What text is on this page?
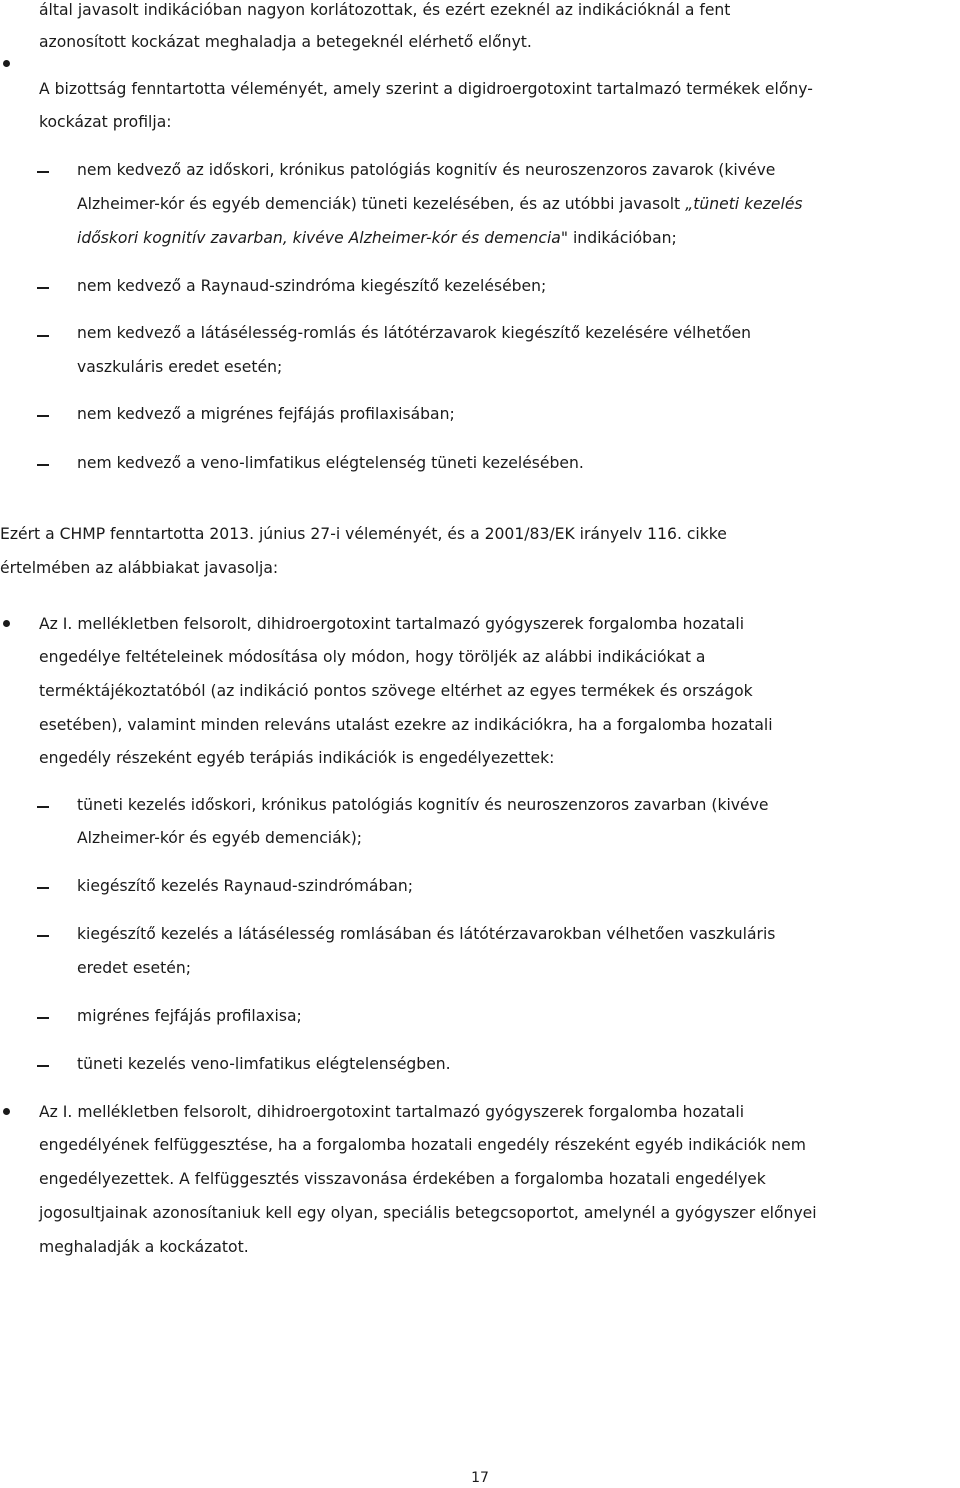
által javasolt indikációban nagyon korlátozottak, és ezért ezeknél az indikációknál a fent
azonosított kockázat meghaladja a betegeknél elérhető előnyt.
A bizottság fenntartotta véleményét, amely szerint a digidroergotoxint tartalmazó termékek előny-
kockázat profilja:
nem kedvező az időskori, krónikus patológiás kognitív és neuroszenzoros zavarok (kivéve
Alzheimer-kór és egyéb demenciák) tüneti kezelésében, és az utóbbi javasolt „tüneti kezelés
időskori kognitív zavarban, kivéve Alzheimer-kór és demencia" indikációban;
nem kedvező a Raynaud-szindróma kiegészítő kezelésében;
nem kedvező a látásélesség-romlás és látótérzavarok kiegészítő kezelésére vélhetően
vaszkuláris eredet esetén;
nem kedvező a migrénes fejfájás profilaxisában;
nem kedvező a veno-limfatikus elégtelenség tüneti kezelésében.
Ezért a CHMP fenntartotta 2013. június 27-i véleményét, és a 2001/83/EK irányelv 116. cikke
értelmében az alábbiakat javasolja:
Az I. mellékletben felsorolt, dihidroergotoxint tartalmazó gyógyszerek forgalomba hozatali
engedélye feltételeinek módosítása oly módon, hogy töröljék az alábbi indikációkat a
terméktájékoztatóból (az indikáció pontos szövege eltérhet az egyes termékek és országok
esetében), valamint minden releváns utalást ezekre az indikációkra, ha a forgalomba hozatali
engedély részeként egyéb terápiás indikációk is engedélyezettek:
tüneti kezelés időskori, krónikus patológiás kognitív és neuroszenzoros zavarban (kivéve
Alzheimer-kór és egyéb demenciák);
kiegészítő kezelés Raynaud-szindrómában;
kiegészítő kezelés a látásélesség romlásában és látótérzavarokban vélhetően vaszkuláris
eredet esetén;
migrénes fejfájás profilaxisa;
tüneti kezelés veno-limfatikus elégtelenségben.
Az I. mellékletben felsorolt, dihidroergotoxint tartalmazó gyógyszerek forgalomba hozatali
engedélyének felfüggesztése, ha a forgalomba hozatali engedély részeként egyéb indikációk nem
engedélyezettek. A felfüggesztés visszavonása érdekében a forgalomba hozatali engedélyek
jogosultjainak azonosítaniuk kell egy olyan, speciális betegcsoportot, amelynél a gyógyszer előnyei
meghaladják a kockázatot.
17
